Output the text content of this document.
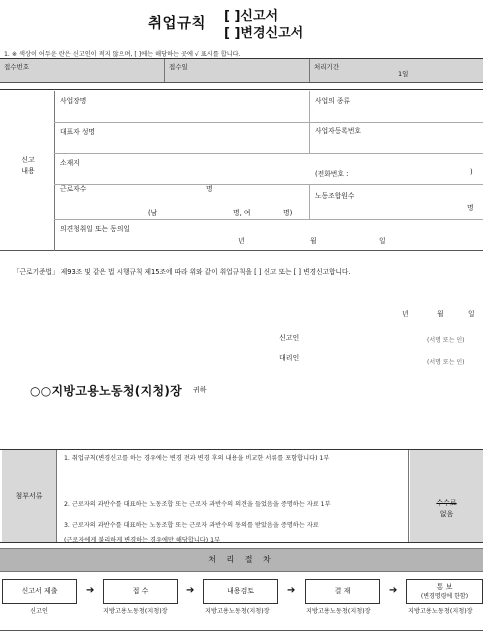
취업규칙 [ ]신고서
[ ]변경신고서
1. ※ 색상이 어두운 란은 신고인이 적지 않으며, [ ]에는 해당하는 곳에 √ 표시를 합니다.
접수번호	접수일	처리기간
1일
신고
내용
사업장명	사업의 종류
대표자 성명	사업자등록번호
소재지
(전화번호 :	)
근로자수	명
(남	명, 여	명)
노동조합원수
명
의견청취일 또는 동의일
년	월	일
「근로기준법」 제93조 및 같은 법 시행규칙 제15조에 따라 위와 같이 취업규칙을 [ ] 신고 또는 [ ] 변경신고합니다.
년	월	일
신고인	(서명 또는 인)
대리인
(서명 또는 인)
○○지방고용노동청(지청)장 귀하
첨부서류
1. 취업규칙(변경신고를 하는 경우에는 변경 전과 변경 후의 내용을 비교한 서류를 포함합니다) 1부
2. 근로자의 과반수를 대표하는 노동조합 또는 근로자 과반수의 의견을 들었음을 증명하는 자료 1부
3. 근로자의 과반수를 대표하는 노동조합 또는 근로자 과반수의 동의를 받았음을 증명하는 자료
(근로자에게 불리하게 변경하는 경우에만 해당합니다) 1부
수수료
없음
처 리 절 차
신고서 제출	➔	접 수	➔	내용검토	➔	결 재	➔	통 보
(변경명령에 한함)
신고인	지방고용노동청(지청)장	지방고용노동청(지청)장	지방고용노동청(지청)장	지방고용노동청(지청)장
